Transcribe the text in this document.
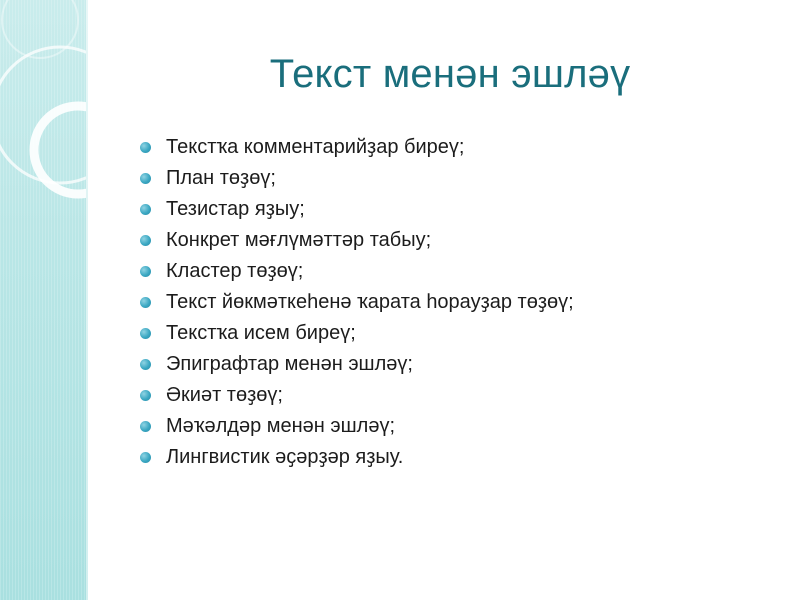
Текст менән эшләү
Текстҡа комментарийҙар биреү;
План төҙөү;
Тезистар яҙыу;
Конкрет мәғлүмәттәр табыу;
Кластер төҙөү;
Текст йөкмәткеһенә ҡарата һорауҙар төҙөү;
Текстҡа исем биреү;
Эпиграфтар менән эшләү;
Әкиәт төҙөү;
Мәҡәлдәр менән эшләү;
Лингвистик әҫәрҙәр яҙыу.
